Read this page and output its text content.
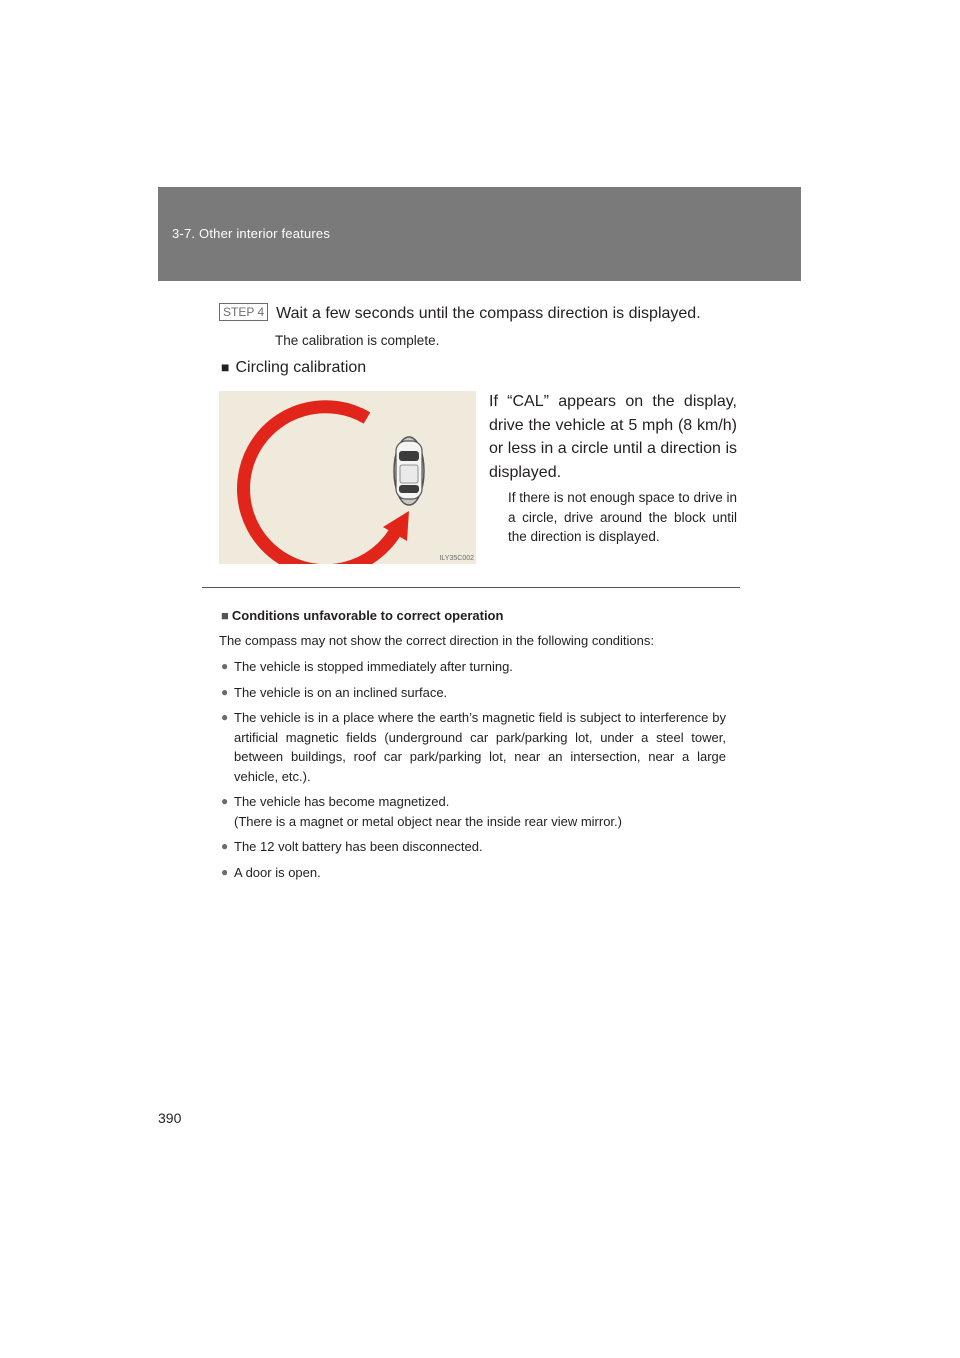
3-7. Other interior features
STEP 4 Wait a few seconds until the compass direction is displayed.
The calibration is complete.
■ Circling calibration
ILY35C002

If “CAL” appears on the display, drive the vehicle at 5 mph (8 km/h) or less in a circle until a direction is displayed.

If there is not enough space to drive in a circle, drive around the block until the direction is displayed.

■ Conditions unfavorable to correct operation
The compass may not show the correct direction in the following conditions:
● The vehicle is stopped immediately after turning.
● The vehicle is on an inclined surface.
● The vehicle is in a place where the earth’s magnetic field is subject to interference by artificial magnetic fields (underground car park/parking lot, under a steel tower, between buildings, roof car park/parking lot, near an intersection, near a large vehicle, etc.).
● The vehicle has become magnetized.
(There is a magnet or metal object near the inside rear view mirror.)
● The 12 volt battery has been disconnected.
● A door is open.
390
